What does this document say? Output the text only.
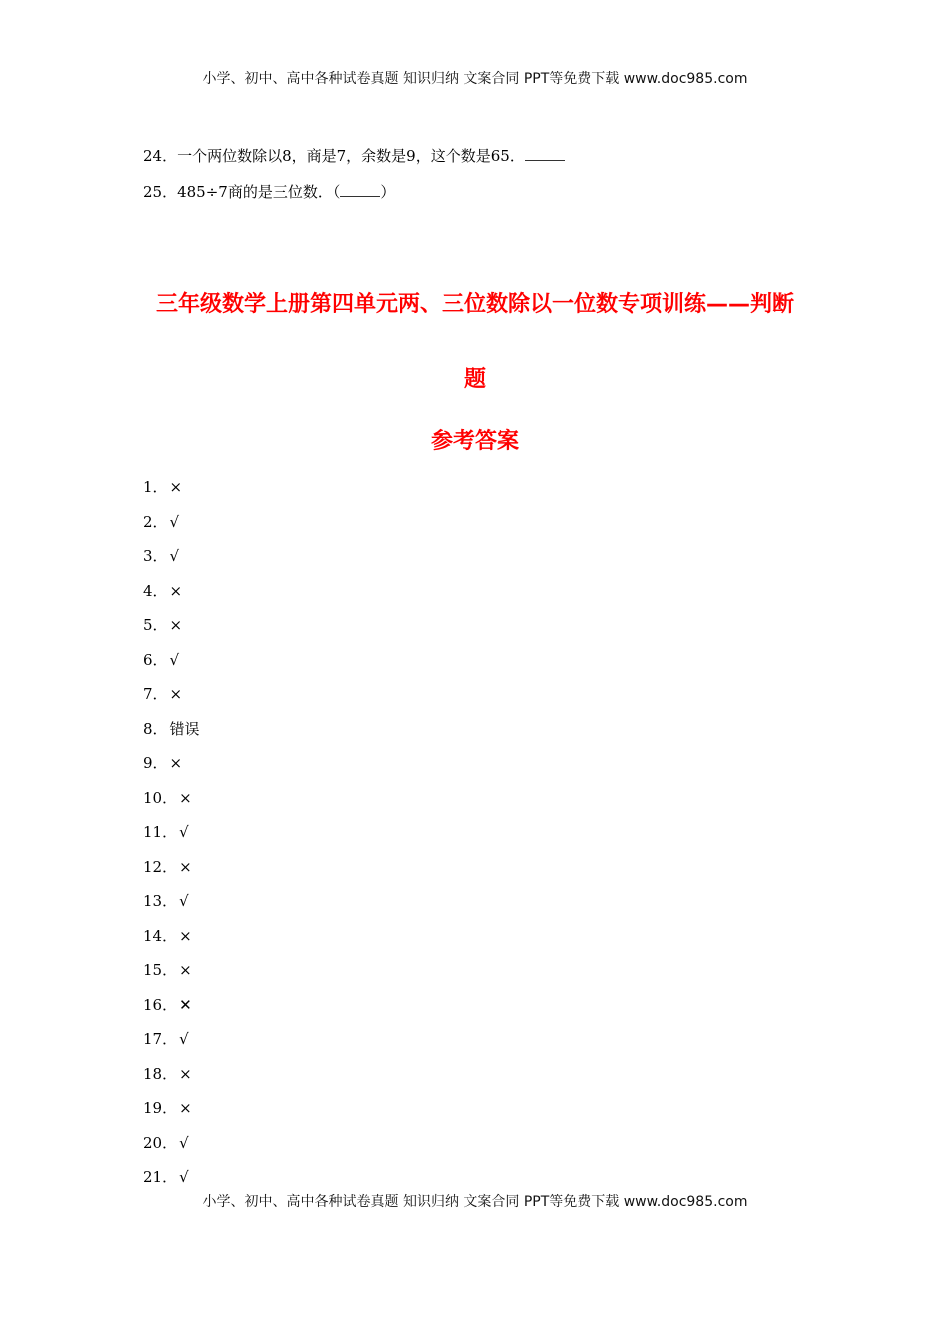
小学、初中、高中各种试卷真题 知识归纳 文案合同 PPT等免费下载 www.doc985.com
24．一个两位数除以8，商是7，余数是9，这个数是65．
25．485÷7商的是三位数．（	）
三年级数学上册第四单元两、三位数除以一位数专项训练——判断
题
参考答案
1． ×
2． √
3． √
4． ×
5． ×
6． √
7． ×
8． 错误
9． ×
10． ×
11． √
12． ×
13． √
14． ×
15． ×
16． ✕
17． √
18． ×
19． ×
20． √
21． √
小学、初中、高中各种试卷真题 知识归纳 文案合同 PPT等免费下载 www.doc985.com
